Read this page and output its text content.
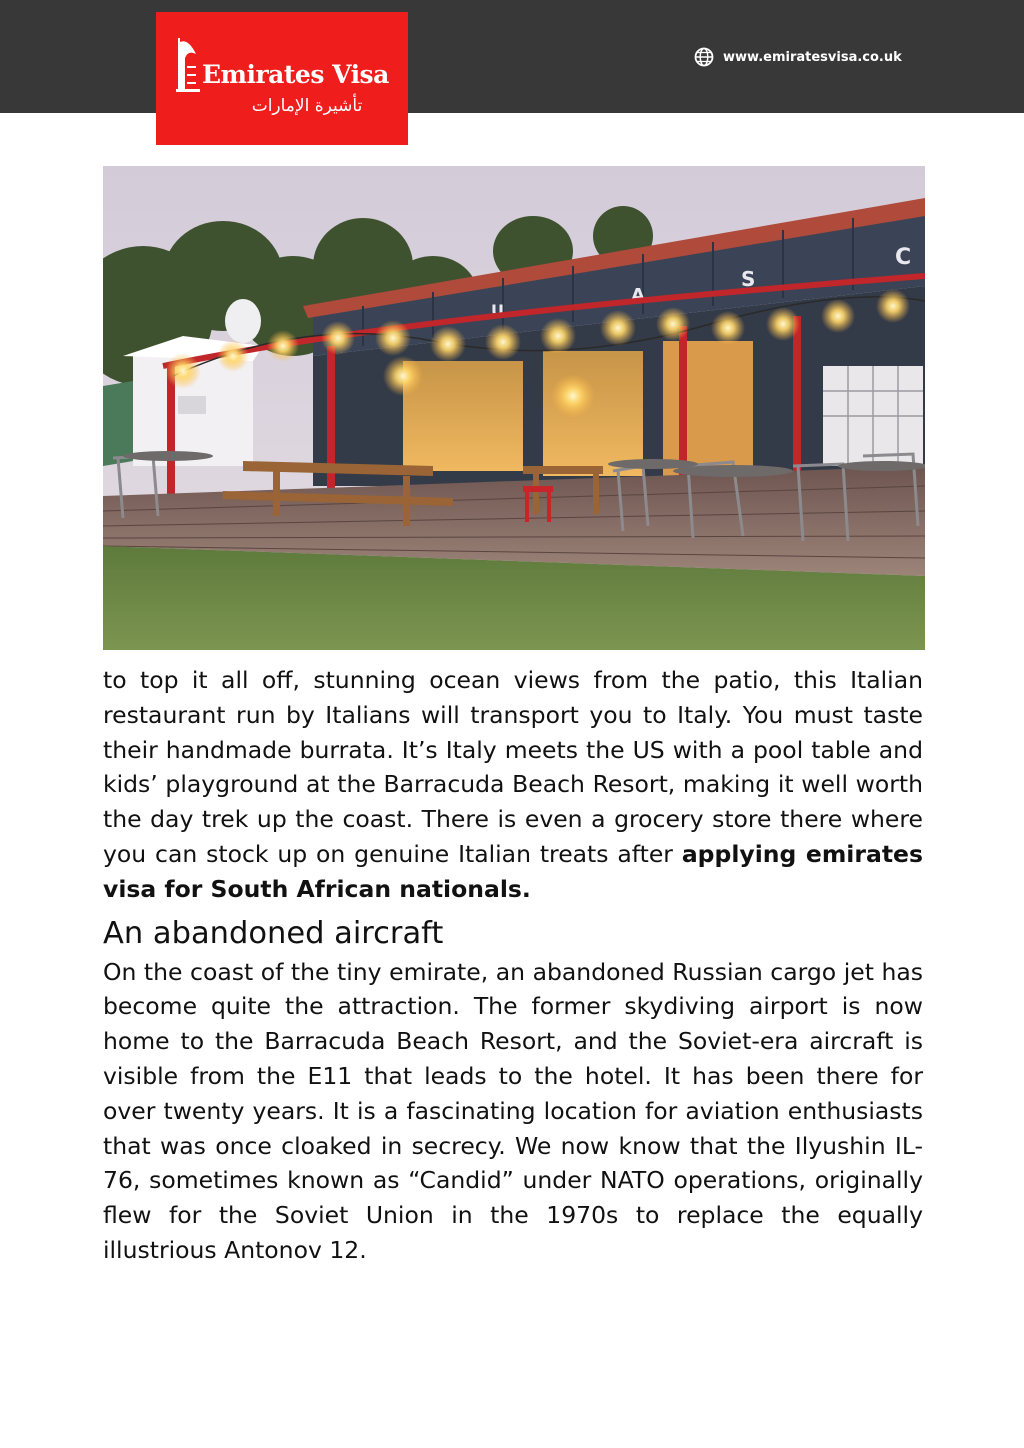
Emirates Visa
تأشيرة الإمارات
www.emiratesvisa.co.uk
U
A
S
C

to top it all off, stunning ocean views from the patio, this Italian restaurant run by Italians will transport you to Italy. You must taste their handmade burrata. It’s Italy meets the US with a pool table and kids’ playground at the Barracuda Beach Resort, making it well worth the day trek up the coast. There is even a grocery store there where you can stock up on genuine Italian treats after applying emirates visa for South African nationals.

An abandoned aircraft

On the coast of the tiny emirate, an abandoned Russian cargo jet has become quite the attraction. The former skydiving airport is now home to the Barracuda Beach Resort, and the Soviet-era aircraft is visible from the E11 that leads to the hotel. It has been there for over twenty years. It is a fascinating location for aviation enthusiasts that was once cloaked in secrecy. We now know that the Ilyushin IL-76, sometimes known as “Candid” under NATO operations, originally flew for the Soviet Union in the 1970s to replace the equally illustrious Antonov 12.
